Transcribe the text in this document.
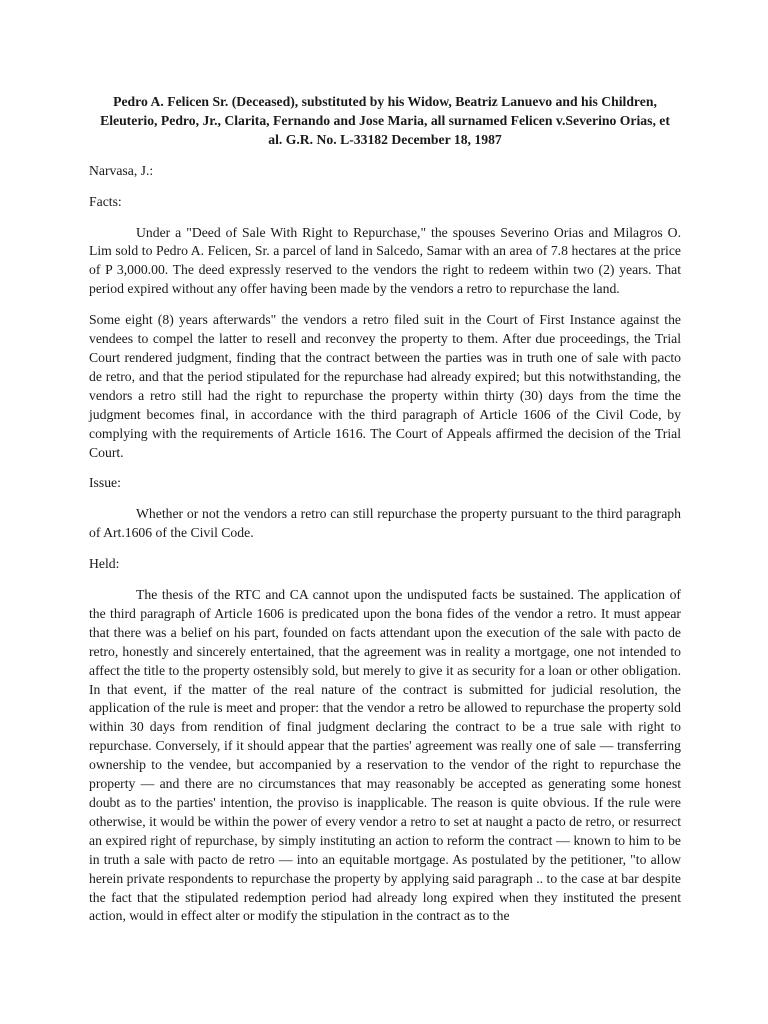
Pedro A. Felicen Sr. (Deceased), substituted by his Widow, Beatriz Lanuevo and his Children, Eleuterio, Pedro, Jr., Clarita, Fernando and Jose Maria, all surnamed Felicen v.Severino Orias, et al. G.R. No. L-33182 December 18, 1987

Narvasa, J.:

Facts:

Under a "Deed of Sale With Right to Repurchase," the spouses Severino Orias and Milagros O. Lim sold to Pedro A. Felicen, Sr. a parcel of land in Salcedo, Samar with an area of 7.8 hectares at the price of P 3,000.00. The deed expressly reserved to the vendors the right to redeem within two (2) years. That period expired without any offer having been made by the vendors a retro to repurchase the land.

Some eight (8) years afterwards" the vendors a retro filed suit in the Court of First Instance against the vendees to compel the latter to resell and reconvey the property to them. After due proceedings, the Trial Court rendered judgment, finding that the contract between the parties was in truth one of sale with pacto de retro, and that the period stipulated for the repurchase had already expired; but this notwithstanding, the vendors a retro still had the right to repurchase the property within thirty (30) days from the time the judgment becomes final, in accordance with the third paragraph of Article 1606 of the Civil Code, by complying with the requirements of Article 1616. The Court of Appeals affirmed the decision of the Trial Court.

Issue:

Whether or not the vendors a retro can still repurchase the property pursuant to the third paragraph of Art.1606 of the Civil Code.

Held:

The thesis of the RTC and CA cannot upon the undisputed facts be sustained. The application of the third paragraph of Article 1606 is predicated upon the bona fides of the vendor a retro. It must appear that there was a belief on his part, founded on facts attendant upon the execution of the sale with pacto de retro, honestly and sincerely entertained, that the agreement was in reality a mortgage, one not intended to affect the title to the property ostensibly sold, but merely to give it as security for a loan or other obligation. In that event, if the matter of the real nature of the contract is submitted for judicial resolution, the application of the rule is meet and proper: that the vendor a retro be allowed to repurchase the property sold within 30 days from rendition of final judgment declaring the contract to be a true sale with right to repurchase. Conversely, if it should appear that the parties' agreement was really one of sale — transferring ownership to the vendee, but accompanied by a reservation to the vendor of the right to repurchase the property — and there are no circumstances that may reasonably be accepted as generating some honest doubt as to the parties' intention, the proviso is inapplicable. The reason is quite obvious. If the rule were otherwise, it would be within the power of every vendor a retro to set at naught a pacto de retro, or resurrect an expired right of repurchase, by simply instituting an action to reform the contract — known to him to be in truth a sale with pacto de retro — into an equitable mortgage. As postulated by the petitioner, "to allow herein private respondents to repurchase the property by applying said paragraph .. to the case at bar despite the fact that the stipulated redemption period had already long expired when they instituted the present action, would in effect alter or modify the stipulation in the contract as to the
